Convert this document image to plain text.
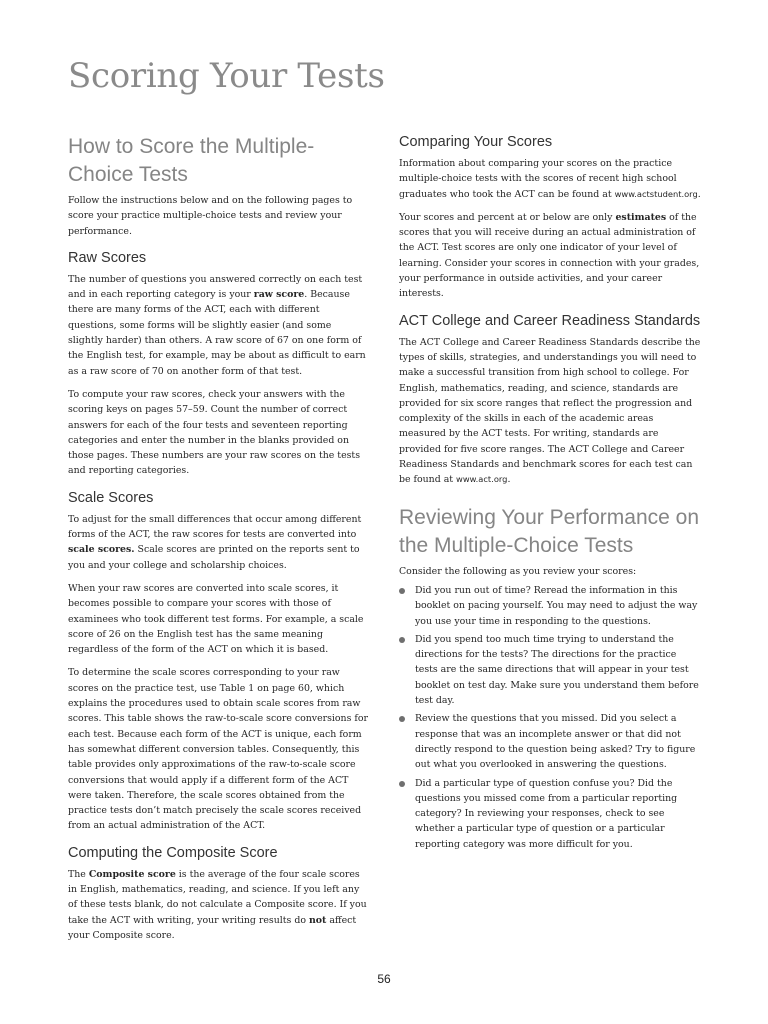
Scoring Your Tests
How to Score the Multiple-Choice Tests

Follow the instructions below and on the following pages to score your practice multiple-choice tests and review your performance.

Raw Scores

The number of questions you answered correctly on each test and in each reporting category is your raw score. Because there are many forms of the ACT, each with different questions, some forms will be slightly easier (and some slightly harder) than others. A raw score of 67 on one form of the English test, for example, may be about as difficult to earn as a raw score of 70 on another form of that test.

To compute your raw scores, check your answers with the scoring keys on pages 57–59. Count the number of correct answers for each of the four tests and seventeen reporting categories and enter the number in the blanks provided on those pages. These numbers are your raw scores on the tests and reporting categories.

Scale Scores

To adjust for the small differences that occur among different forms of the ACT, the raw scores for tests are converted into scale scores. Scale scores are printed on the reports sent to you and your college and scholarship choices.

When your raw scores are converted into scale scores, it becomes possible to compare your scores with those of examinees who took different test forms. For example, a scale score of 26 on the English test has the same meaning regardless of the form of the ACT on which it is based.

To determine the scale scores corresponding to your raw scores on the practice test, use Table 1 on page 60, which explains the procedures used to obtain scale scores from raw scores. This table shows the raw-to-scale score conversions for each test. Because each form of the ACT is unique, each form has somewhat different conversion tables. Consequently, this table provides only approximations of the raw-to-scale score conversions that would apply if a different form of the ACT were taken. Therefore, the scale scores obtained from the practice tests don’t match precisely the scale scores received from an actual administration of the ACT.

Computing the Composite Score

The Composite score is the average of the four scale scores in English, mathematics, reading, and science. If you left any of these tests blank, do not calculate a Composite score. If you take the ACT with writing, your writing results do not affect your Composite score.

Comparing Your Scores

Information about comparing your scores on the practice multiple-choice tests with the scores of recent high school graduates who took the ACT can be found at www.actstudent.org.

Your scores and percent at or below are only estimates of the scores that you will receive during an actual administration of the ACT. Test scores are only one indicator of your level of learning. Consider your scores in connection with your grades, your performance in outside activities, and your career interests.

ACT College and Career Readiness Standards

The ACT College and Career Readiness Standards describe the types of skills, strategies, and understandings you will need to make a successful transition from high school to college. For English, mathematics, reading, and science, standards are provided for six score ranges that reflect the progression and complexity of the skills in each of the academic areas measured by the ACT tests. For writing, standards are provided for five score ranges. The ACT College and Career Readiness Standards and benchmark scores for each test can be found at www.act.org.

Reviewing Your Performance on the Multiple-Choice Tests

Consider the following as you review your scores:

Did you run out of time? Reread the information in this booklet on pacing yourself. You may need to adjust the way you use your time in responding to the questions.
Did you spend too much time trying to understand the directions for the tests? The directions for the practice tests are the same directions that will appear in your test booklet on test day. Make sure you understand them before test day.
Review the questions that you missed. Did you select a response that was an incomplete answer or that did not directly respond to the question being asked? Try to figure out what you overlooked in answering the questions.
Did a particular type of question confuse you? Did the questions you missed come from a particular reporting category? In reviewing your responses, check to see whether a particular type of question or a particular reporting category was more difficult for you.
56
